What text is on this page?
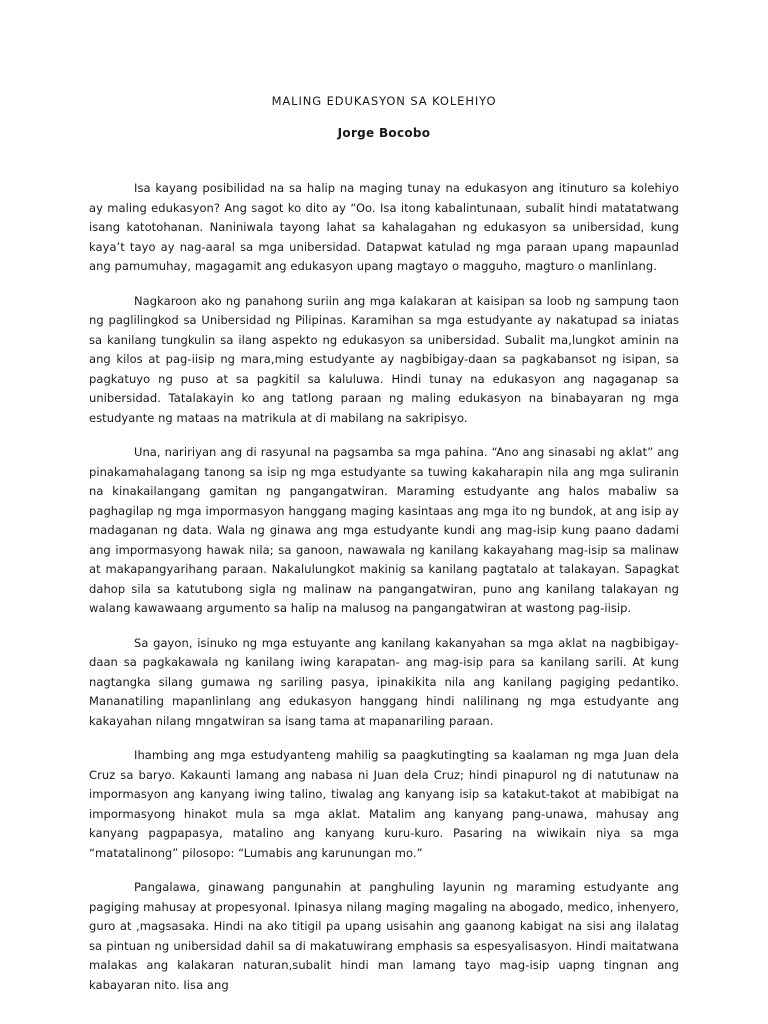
MALING EDUKASYON SA KOLEHIYO
Jorge Bocobo

Isa kayang posibilidad na sa halip na maging tunay na edukasyon ang itinuturo sa kolehiyo ay maling edukasyon? Ang sagot ko dito ay “Oo. Isa itong kabalintunaan, subalit hindi matatatwang isang katotohanan. Naniniwala tayong lahat sa kahalagahan ng edukasyon sa unibersidad, kung kaya’t tayo ay nag-aaral sa mga unibersidad. Datapwat katulad ng mga paraan upang mapaunlad ang pamumuhay, magagamit ang edukasyon upang magtayo o magguho, magturo o manlinlang.

Nagkaroon ako ng panahong suriin ang mga kalakaran at kaisipan sa loob ng sampung taon ng paglilingkod sa Unibersidad ng Pilipinas. Karamihan sa mga estudyante ay nakatupad sa iniatas sa kanilang tungkulin sa ilang aspekto ng edukasyon sa unibersidad. Subalit ma,lungkot aminin na ang kilos at pag-iisip ng mara,ming estudyante ay nagbibigay-daan sa pagkabansot ng isipan, sa pagkatuyo ng puso at sa pagkitil sa kaluluwa. Hindi tunay na edukasyon ang nagaganap sa unibersidad. Tatalakayin ko ang tatlong paraan ng maling edukasyon na binabayaran ng mga estudyante ng mataas na matrikula at di mabilang na sakripisyo.

Una, naririyan ang di rasyunal na pagsamba sa mga pahina. “Ano ang sinasabi ng aklat” ang pinakamahalagang tanong sa isip ng mga estudyante sa tuwing kakaharapin nila ang mga suliranin na kinakailangang gamitan ng pangangatwiran. Maraming estudyante ang halos mabaliw sa paghagilap ng mga impormasyon hanggang maging kasintaas ang mga ito ng bundok, at ang isip ay madaganan ng data. Wala ng ginawa ang mga estudyante kundi ang mag-isip kung paano dadami ang impormasyong hawak nila; sa ganoon, nawawala ng kanilang kakayahang mag-isip sa malinaw at makapangyarihang paraan. Nakalulungkot makinig sa kanilang pagtatalo at talakayan. Sapagkat dahop sila sa katutubong sigla ng malinaw na pangangatwiran, puno ang kanilang talakayan ng walang kawawaang argumento sa halip na malusog na pangangatwiran at wastong pag-iisip.

Sa gayon, isinuko ng mga estuyante ang kanilang kakanyahan sa mga aklat na nagbibigay-daan sa pagkakawala ng kanilang iwing karapatan- ang mag-isip para sa kanilang sarili. At kung nagtangka silang gumawa ng sariling pasya, ipinakikita nila ang kanilang pagiging pedantiko. Mananatiling mapanlinlang ang edukasyon hanggang hindi nalilinang ng mga estudyante ang kakayahan nilang mngatwiran sa isang tama at mapanariling paraan.

Ihambing ang mga estudyanteng mahilig sa paagkutingting sa kaalaman ng mga Juan dela Cruz sa baryo. Kakaunti lamang ang nabasa ni Juan dela Cruz; hindi pinapurol ng di natutunaw na impormasyon ang kanyang iwing talino, tiwalag ang kanyang isip sa katakut-takot at mabibigat na impormasyong hinakot mula sa mga aklat. Matalim ang kanyang pang-unawa, mahusay ang kanyang pagpapasya, matalino ang kanyang kuru-kuro. Pasaring na wiwikain niya sa mga “matatalinong” pilosopo: “Lumabis ang karunungan mo.”

Pangalawa, ginawang pangunahin at panghuling layunin ng maraming estudyante ang pagiging mahusay at propesyonal. Ipinasya nilang maging magaling na abogado, medico, inhenyero, guro at ,magsasaka. Hindi na ako titigil pa upang usisahin ang gaanong kabigat na sisi ang ilalatag sa pintuan ng unibersidad dahil sa di makatuwirang emphasis sa espesyalisasyon. Hindi maitatwana malakas ang kalakaran naturan,subalit hindi man lamang tayo mag-isip uapng tingnan ang kabayaran nito. Iisa ang
